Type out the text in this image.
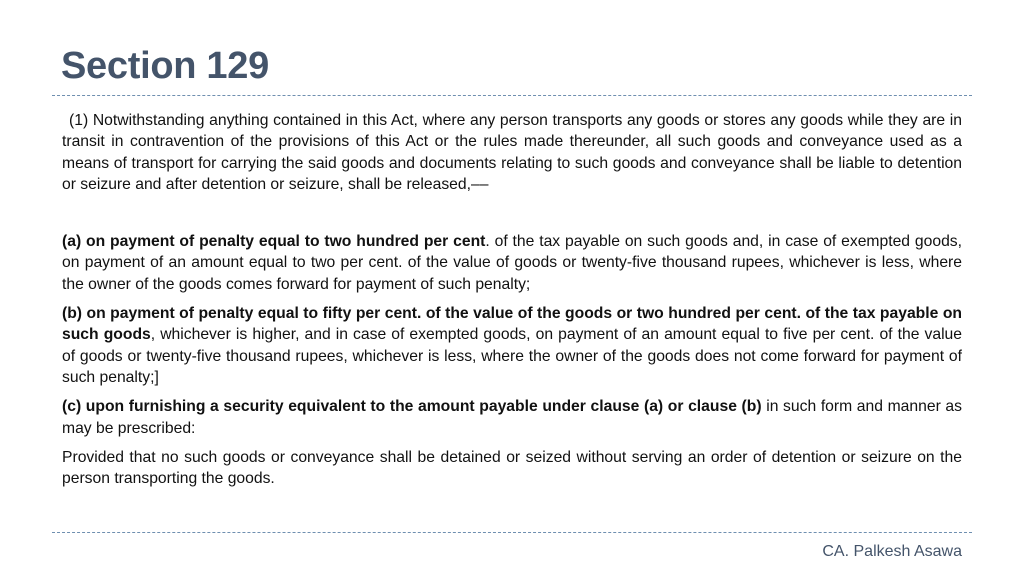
Section 129

(1) Notwithstanding anything contained in this Act, where any person transports any goods or stores any goods while they are in transit in contravention of the provisions of this Act or the rules made thereunder, all such goods and conveyance used as a means of transport for carrying the said goods and documents relating to such goods and conveyance shall be liable to detention or seizure and after detention or seizure, shall be released,––

(a) on payment of penalty equal to two hundred per cent. of the tax payable on such goods and, in case of exempted goods, on payment of an amount equal to two per cent. of the value of goods or twenty-five thousand rupees, whichever is less, where the owner of the goods comes forward for payment of such penalty;

(b) on payment of penalty equal to fifty per cent. of the value of the goods or two hundred per cent. of the tax payable on such goods, whichever is higher, and in case of exempted goods, on payment of an amount equal to five per cent. of the value of goods or twenty-five thousand rupees, whichever is less, where the owner of the goods does not come forward for payment of such penalty;]

(c) upon furnishing a security equivalent to the amount payable under clause (a) or clause (b) in such form and manner as may be prescribed:

Provided that no such goods or conveyance shall be detained or seized without serving an order of detention or seizure on the person transporting the goods.

CA. Palkesh Asawa
